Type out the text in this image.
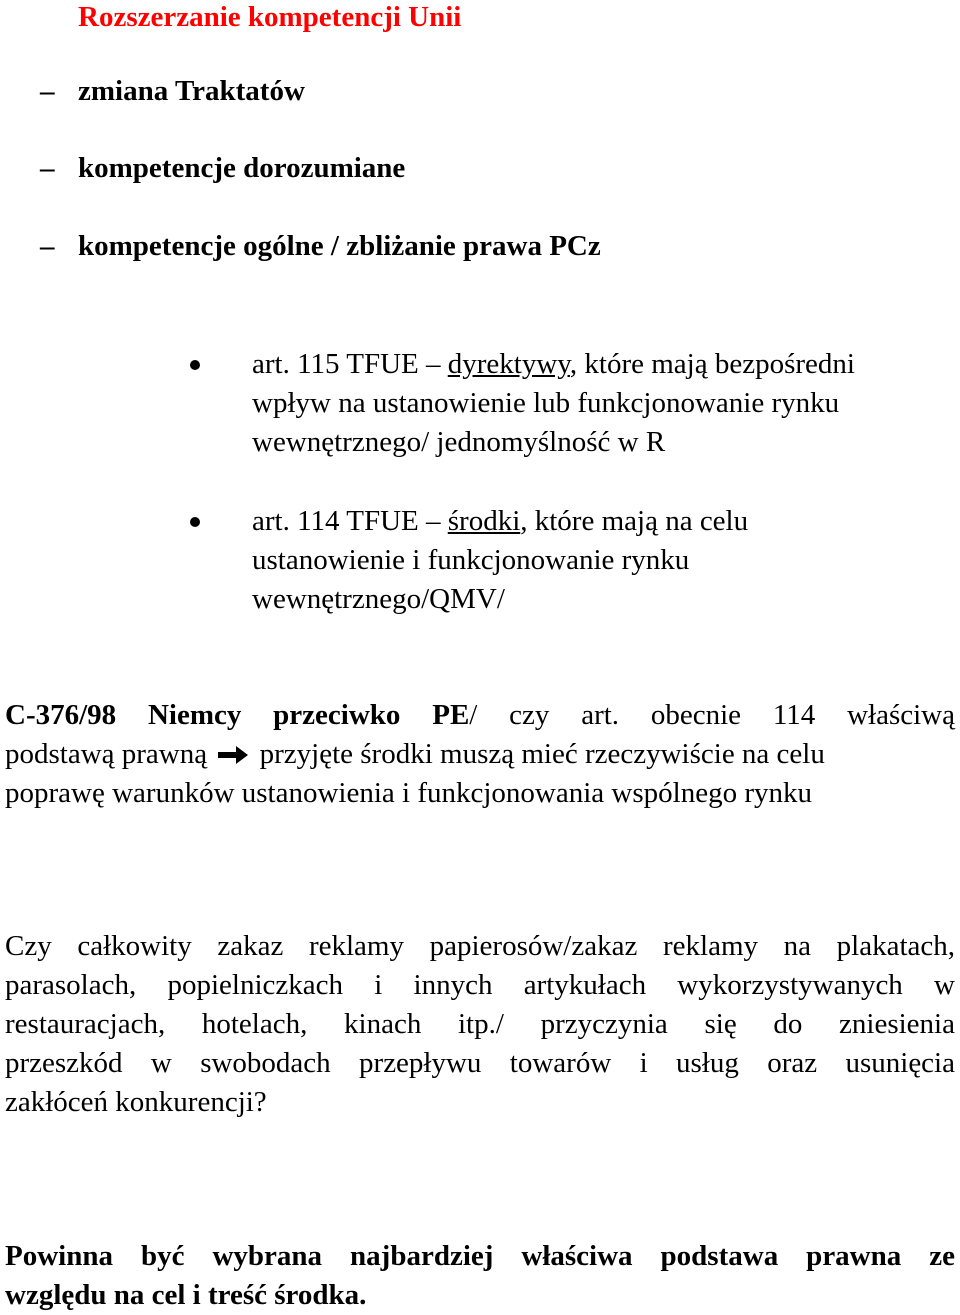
Rozszerzanie kompetencji Unii
– zmiana Traktatów
– kompetencje dorozumiane
– kompetencje ogólne / zbliżanie prawa PCz
art. 115 TFUE – dyrektywy, które mają bezpośredni
wpływ na ustanowienie lub funkcjonowanie rynku
wewnętrznego/ jednomyślność w R
art. 114 TFUE – środki, które mają na celu
ustanowienie i funkcjonowanie rynku
wewnętrznego/QMV/
C-376/98 Niemcy przeciwko PE/ czy art. obecnie 114 właściwą
podstawą prawną przyjęte środki muszą mieć rzeczywiście na celu
poprawę warunków ustanowienia i funkcjonowania wspólnego rynku
Czy całkowity zakaz reklamy papierosów/zakaz reklamy na plakatach,
parasolach, popielniczkach i innych artykułach wykorzystywanych w
restauracjach, hotelach, kinach itp./ przyczynia się do zniesienia
przeszkód w swobodach przepływu towarów i usług oraz usunięcia
zakłóceń konkurencji?
Powinna być wybrana najbardziej właściwa podstawa prawna ze
względu na cel i treść środka.
